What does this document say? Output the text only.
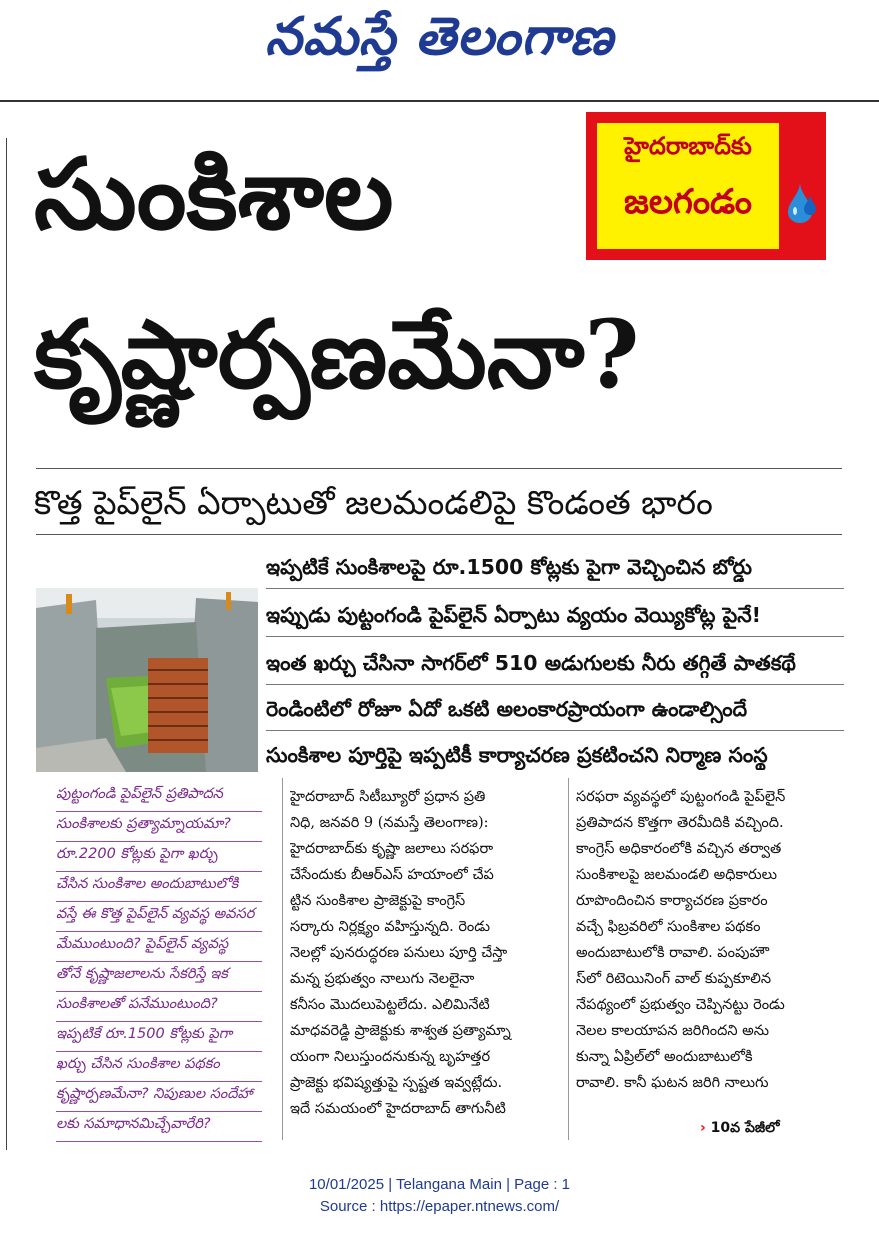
నమస్తే తెలంగాణ
సుంకిశాల
కృష్ణార్పణమేనా?
హైదరాబాద్‌కు
జలగండం
కొత్త పైప్‌లైన్ ఏర్పాటుతో జలమండలిపై కొండంత భారం
ఇప్పటికే సుంకిశాలపై రూ.1500 కోట్లకు పైగా వెచ్చించిన బోర్డు
ఇప్పుడు పుట్టంగండి పైప్‌లైన్ ఏర్పాటు వ్యయం వెయ్యికోట్ల పైనే!
ఇంత ఖర్చు చేసినా సాగర్‌లో 510 అడుగులకు నీరు తగ్గితే పాతకథే
రెండింటిలో రోజూ ఏదో ఒకటి అలంకారప్రాయంగా ఉండాల్సిందే
సుంకిశాల పూర్తిపై ఇప్పటికీ కార్యాచరణ ప్రకటించని నిర్మాణ సంస్థ
పుట్టంగండి పైప్‌లైన్ ప్రతిపాదన
సుంకిశాలకు ప్రత్యామ్నాయమా?
రూ.2200 కోట్లకు పైగా ఖర్చు
చేసిన సుంకిశాల అందుబాటులోకి
వస్తే ఈ కొత్త పైప్‌లైన్ వ్యవస్థ అవసర
మేముంటుంది? పైప్‌లైన్ వ్యవస్థ
తోనే కృష్ణాజలాలను సేకరిస్తే ఇక
సుంకిశాలతో పనేముంటుంది?
ఇప్పటికే రూ.1500 కోట్లకు పైగా
ఖర్చు చేసిన సుంకిశాల పథకం
కృష్ణార్పణమేనా? నిపుణుల సందేహా
లకు సమాధానమిచ్చేవారేరి?

హైదరాబాద్ సిటీబ్యూరో ప్రధాన ప్రతి

నిధి, జనవరి 9 (నమస్తే తెలంగాణ):

హైదరాబాద్‌కు కృష్ణా జలాలు సరఫరా

చేసేందుకు బీఆర్‌ఎస్ హయాంలో చేప

ట్టిన సుంకిశాల ప్రాజెక్టుపై కాంగ్రెస్

సర్కారు నిర్లక్ష్యం వహిస్తున్నది. రెండు

నెలల్లో పునరుద్ధరణ పనులు పూర్తి చేస్తా

మన్న ప్రభుత్వం నాలుగు నెలలైనా

కనీసం మొదలుపెట్టలేదు. ఎలిమినేటి

మాధవరెడ్డి ప్రాజెక్టుకు శాశ్వత ప్రత్యామ్నా

యంగా నిలుస్తుందనుకున్న బృహత్తర

ప్రాజెక్టు భవిష్యత్తుపై స్పష్టత ఇవ్వట్లేదు.

ఇదే సమయంలో హైదరాబాద్ తాగునీటి

సరఫరా వ్యవస్థలో పుట్టంగండి పైప్‌లైన్

ప్రతిపాదన కొత్తగా తెరమీదికి వచ్చింది.

కాంగ్రెస్ అధికారంలోకి వచ్చిన తర్వాత

సుంకిశాలపై జలమండలి అధికారులు

రూపొందించిన కార్యాచరణ ప్రకారం

వచ్చే ఫిబ్రవరిలో సుంకిశాల పథకం

అందుబాటులోకి రావాలి. పంపుహౌ

స్‌లో రిటెయినింగ్ వాల్ కుప్పకూలిన

నేపథ్యంలో ప్రభుత్వం చెప్పినట్టు రెండు

నెలల కాలయాపన జరిగిందని అను

కున్నా ఏప్రిల్‌లో అందుబాటులోకి

రావాలి. కానీ ఘటన జరిగి నాలుగు

› 10వ పేజీలో
10/01/2025 | Telangana Main | Page : 1
Source : https://epaper.ntnews.com/
